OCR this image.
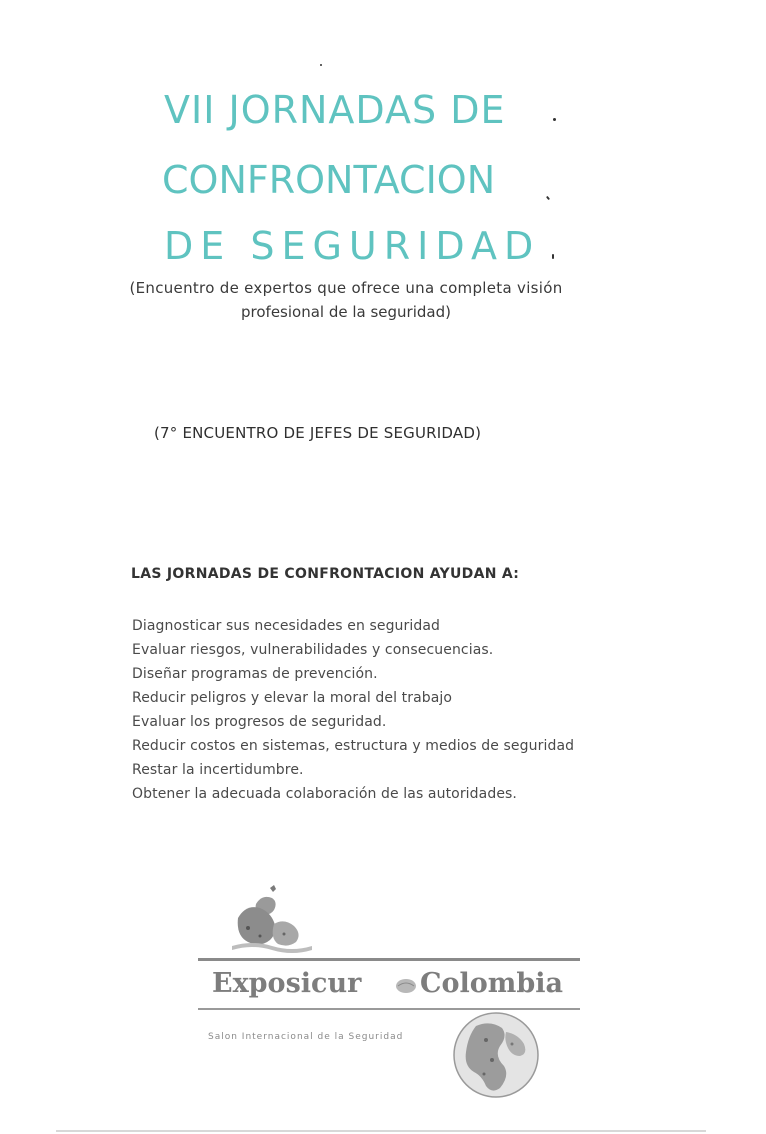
VII JORNADAS DE
CONFRONTACION
DE SEGURIDAD

(Encuentro de expertos que ofrece una completa visión

profesional de la seguridad)

(7° ENCUENTRO DE JEFES DE SEGURIDAD)
LAS JORNADAS DE CONFRONTACION AYUDAN A:
Diagnosticar sus necesidades en seguridad
Evaluar riesgos, vulnerabilidades y consecuencias.
Diseñar programas de prevención.
Reducir peligros y elevar la moral del trabajo
Evaluar los progresos de seguridad.
Reducir costos en sistemas, estructura y medios de seguridad
Restar la incertidumbre.
Obtener la adecuada colaboración de las autoridades.
Exposicur Colombia
Salon Internacional de la Seguridad
